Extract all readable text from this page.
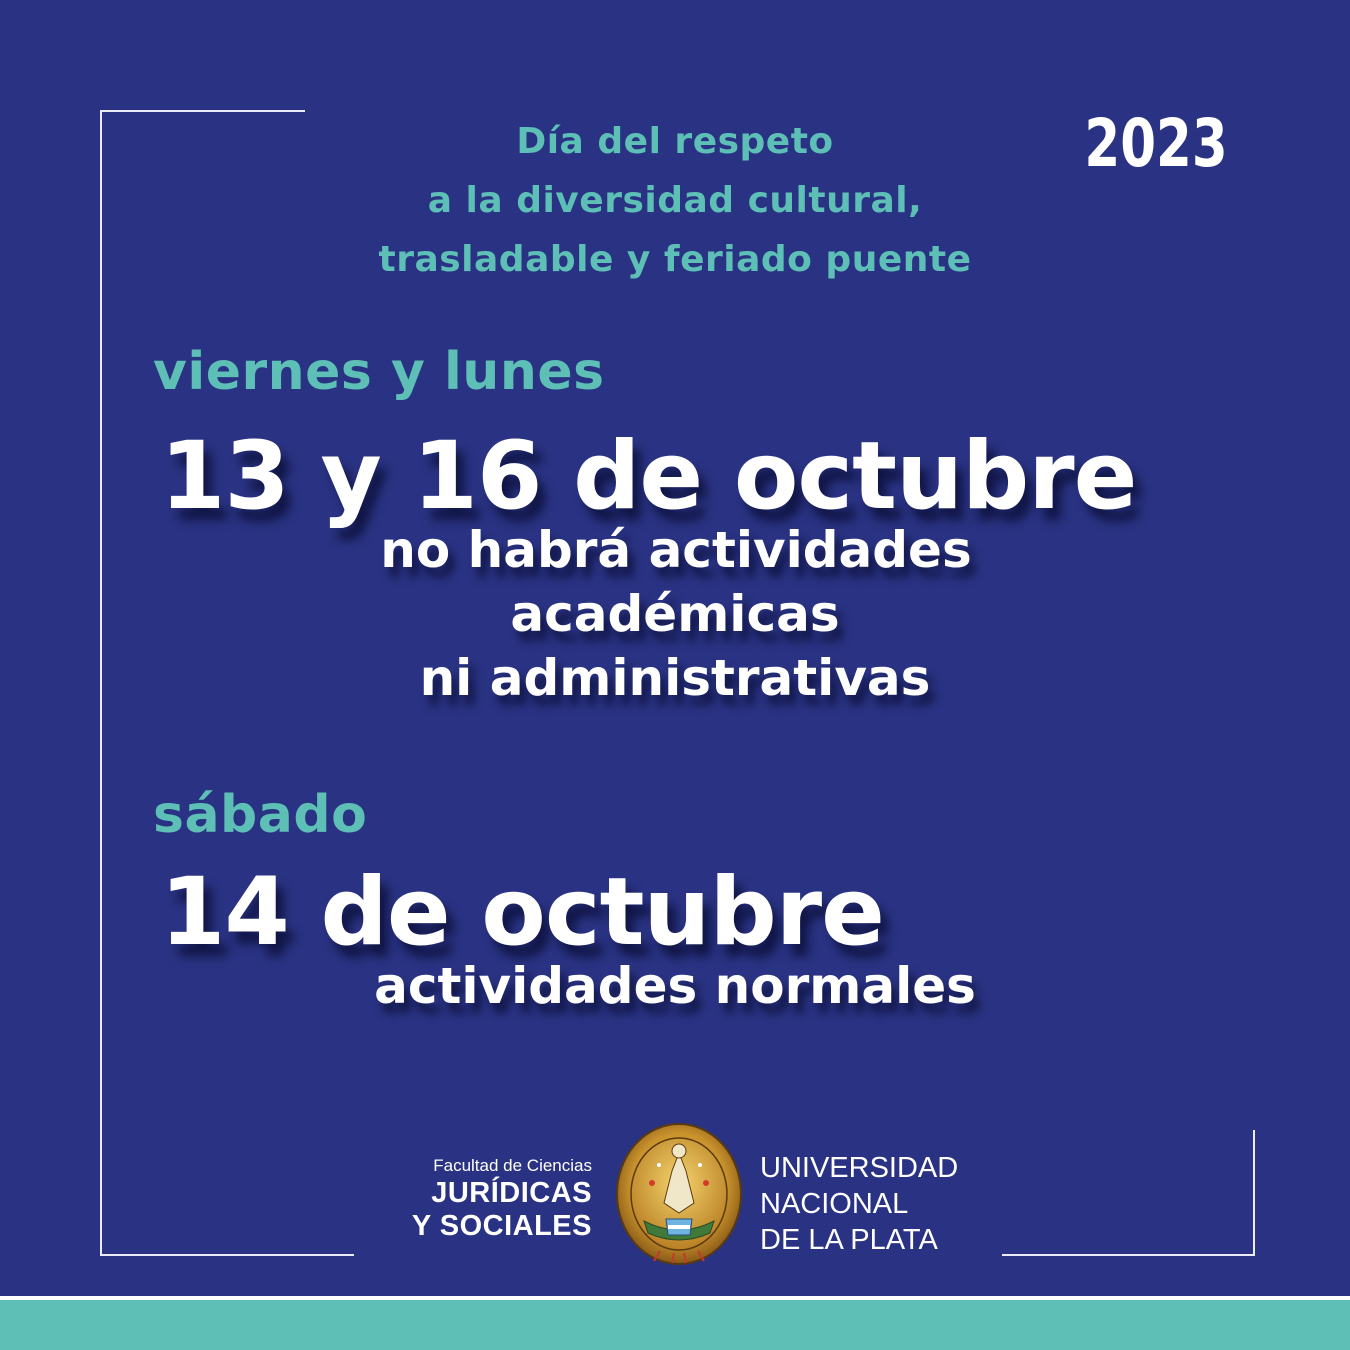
Día del respeto
a la diversidad cultural,
trasladable y feriado puente
2023
viernes y lunes
13 y 16 de octubre
no habrá actividades
académicas
ni administrativas
sábado
14 de octubre
actividades normales
Facultad de Ciencias
JURÍDICAS
Y SOCIALES
UNIVERSIDAD
NACIONAL
DE LA PLATA
